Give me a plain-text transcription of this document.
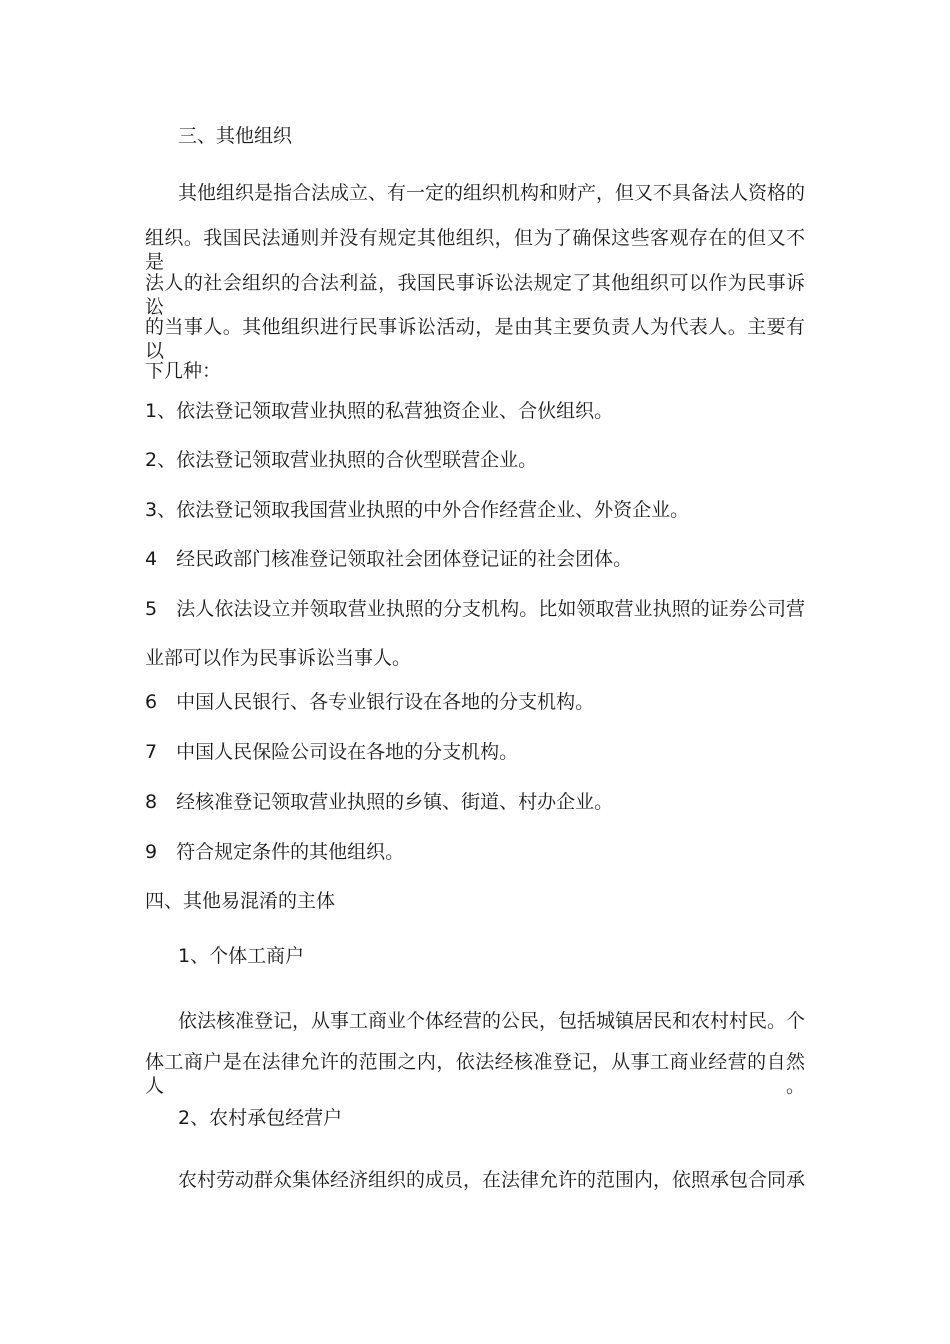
三、其他组织
其他组织是指合法成立、有一定的组织机构和财产，但又不具备法人资格的
组织。我国民法通则并没有规定其他组织，但为了确保这些客观存在的但又不是
法人的社会组织的合法利益，我国民事诉讼法规定了其他组织可以作为民事诉讼
的当事人。其他组织进行民事诉讼活动，是由其主要负责人为代表人。主要有以
下几种：
1、依法登记领取营业执照的私营独资企业、合伙组织。
2、依法登记领取营业执照的合伙型联营企业。
3、依法登记领取我国营业执照的中外合作经营企业、外资企业。
4　经民政部门核准登记领取社会团体登记证的社会团体。
5　法人依法设立并领取营业执照的分支机构。比如领取营业执照的证券公司营
业部可以作为民事诉讼当事人。
6　中国人民银行、各专业银行设在各地的分支机构。
7　中国人民保险公司设在各地的分支机构。
8　经核准登记领取营业执照的乡镇、街道、村办企业。
9　符合规定条件的其他组织。
四、其他易混淆的主体
1、个体工商户
依法核准登记，从事工商业个体经营的公民，包括城镇居民和农村村民。个
体工商户是在法律允许的范围之内，依法经核准登记，从事工商业经营的自然人。
2、农村承包经营户
农村劳动群众集体经济组织的成员，在法律允许的范围内，依照承包合同承
